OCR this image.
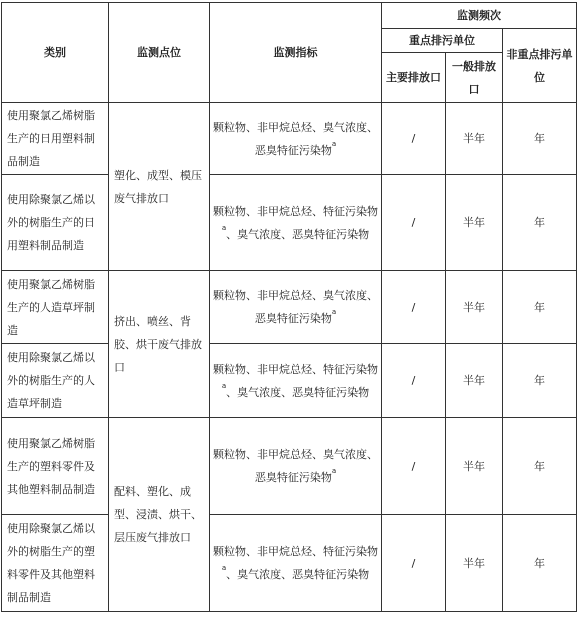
类别	监测点位	监测指标	监测频次		
			重点排污单位		非重点排污单位
			主要排放口	一般排放口	
使用聚氯乙烯树脂生产的日用塑料制品制造	塑化、成型、模压废气排放口	颗粒物、非甲烷总烃、臭气浓度、恶臭特征污染物$^a$	/	半年	年
使用除聚氯乙烯以外的树脂生产的日用塑料制品制造		颗粒物、非甲烷总烃、特征污染物$^a$、臭气浓度、恶臭特征污染物	/	半年	年
使用聚氯乙烯树脂生产的人造草坪制造	挤出、喷丝、背胶、烘干废气排放口	颗粒物、非甲烷总烃、臭气浓度、恶臭特征污染物$^a$	/	半年	年
使用除聚氯乙烯以外的树脂生产的人造草坪制造		颗粒物、非甲烷总烃、特征污染物$^a$、臭气浓度、恶臭特征污染物	/	半年	年
使用聚氯乙烯树脂生产的塑料零件及其他塑料制品制造	配料、塑化、成型、浸渍、烘干、层压废气排放口	颗粒物、非甲烷总烃、臭气浓度、恶臭特征污染物$^a$	/	半年	年
使用除聚氯乙烯以外的树脂生产的塑料零件及其他塑料制品制造		颗粒物、非甲烷总烃、特征污染物$^a$、臭气浓度、恶臭特征污染物	/	半年	年
